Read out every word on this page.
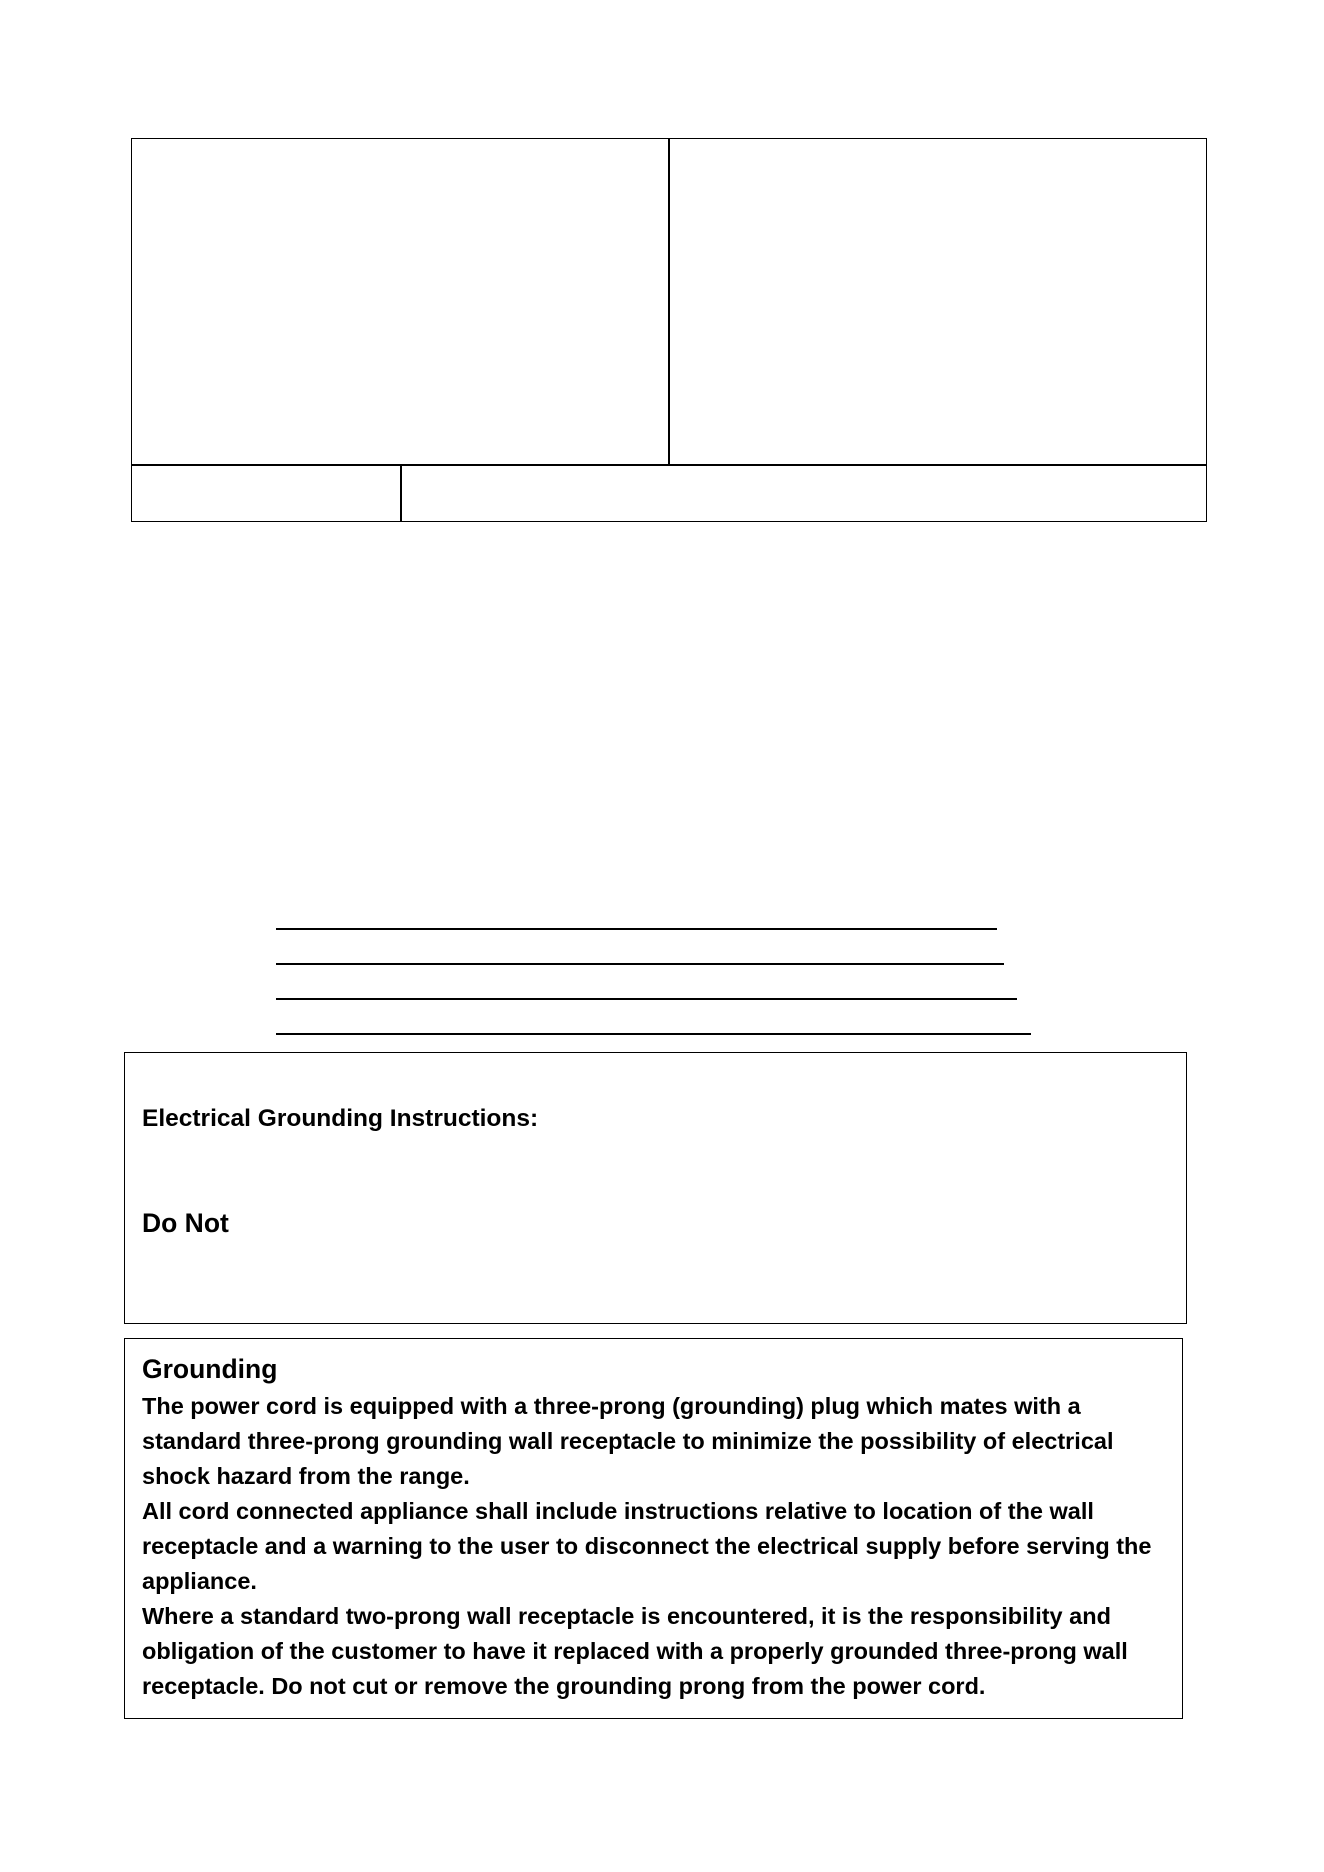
Electrical Grounding Instructions:
Do Not
Grounding

The power cord is equipped with a three-prong (grounding) plug which mates with a standard three-prong grounding wall receptacle to minimize the possibility of electrical shock hazard from the range.

All cord connected appliance shall include instructions relative to location of the wall receptacle and a warning to the user to disconnect the electrical supply before serving the appliance.

Where a standard two-prong wall receptacle is encountered, it is the responsibility and obligation of the customer to have it replaced with a properly grounded three-prong wall receptacle. Do not cut or remove the grounding prong from the power cord.
